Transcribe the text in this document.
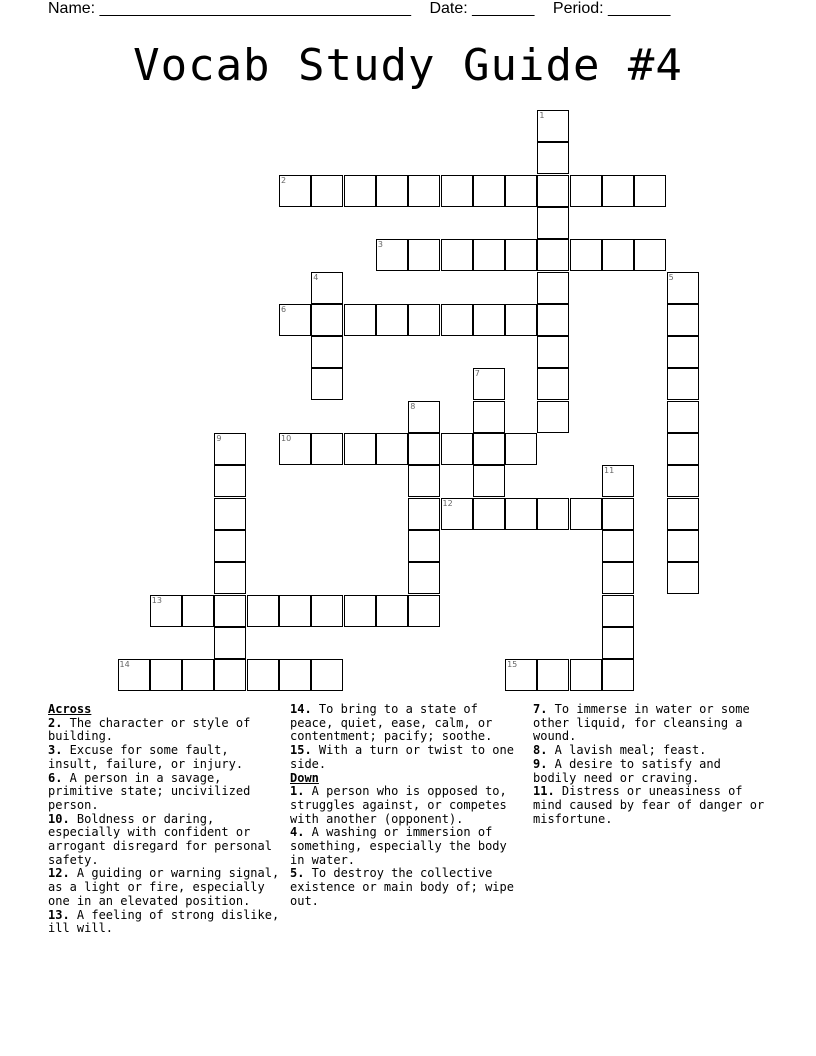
Name: ___________________________________ Date: _______ Period: _______
Vocab Study Guide #4
1
2
3
4	5
6
7
8
9	10
11
12
13
14	15
Across
2. The character or style of building.
3. Excuse for some fault, insult, failure, or injury.
6. A person in a savage, primitive state; uncivilized person.
10. Boldness or daring, especially with confident or arrogant disregard for personal safety.
12. A guiding or warning signal, as a light or fire, especially one in an elevated position.
13. A feeling of strong dislike, ill will.
14. To bring to a state of peace, quiet, ease, calm, or contentment; pacify; soothe.
15. With a turn or twist to one side.
Down
1. A person who is opposed to, struggles against, or competes with another (opponent).
4. A washing or immersion of something, especially the body in water.
5. To destroy the collective existence or main body of; wipe out.
7. To immerse in water or some other liquid, for cleansing a wound.
8. A lavish meal; feast.
9. A desire to satisfy and bodily need or craving.
11. Distress or uneasiness of mind caused by fear of danger or misfortune.
